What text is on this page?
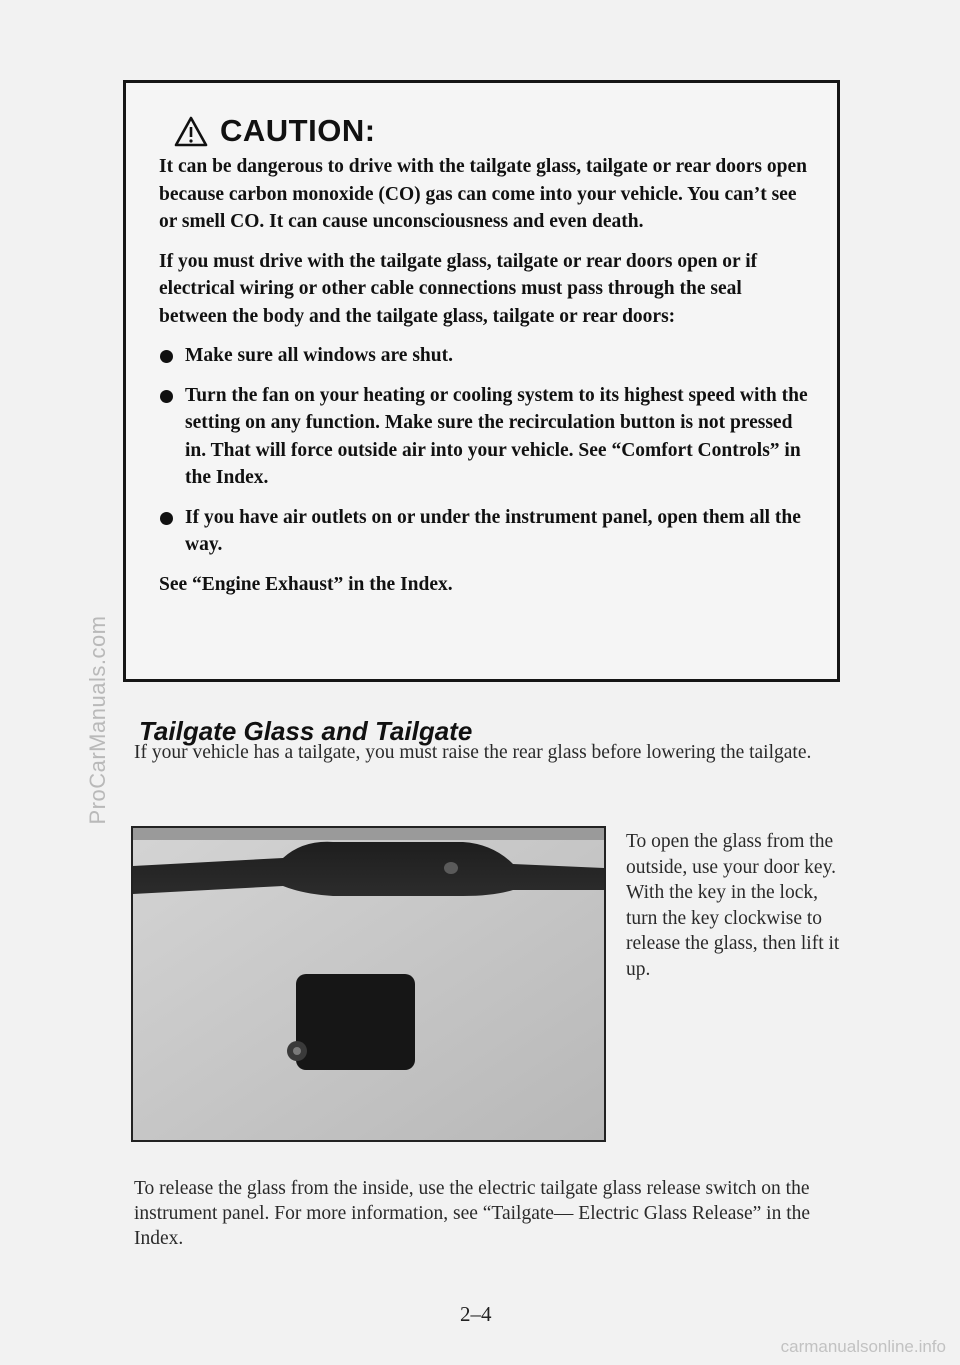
ProCarManuals.com
CAUTION:

It can be dangerous to drive with the tailgate glass, tailgate or rear doors open because carbon monoxide (CO) gas can come into your vehicle. You can’t see or smell CO. It can cause unconsciousness and even death.

If you must drive with the tailgate glass, tailgate or rear doors open or if electrical wiring or other cable connections must pass through the seal between the body and the tailgate glass, tailgate or rear doors:

Make sure all windows are shut.
Turn the fan on your heating or cooling system to its highest speed with the setting on any function. Make sure the recirculation button is not pressed in. That will force outside air into your vehicle. See “Comfort Controls” in the Index.
If you have air outlets on or under the instrument panel, open them all the way.

See “Engine Exhaust” in the Index.

Tailgate Glass and Tailgate
If your vehicle has a tailgate, you must raise the rear glass before lowering the tailgate.
To open the glass from the outside, use your door key. With the key in the lock, turn the key clockwise to release the glass, then lift it up.
To release the glass from the inside, use the electric tailgate glass release switch on the instrument panel. For more information, see “Tailgate— Electric Glass Release” in the Index.
2–4
carmanualsonline.info
